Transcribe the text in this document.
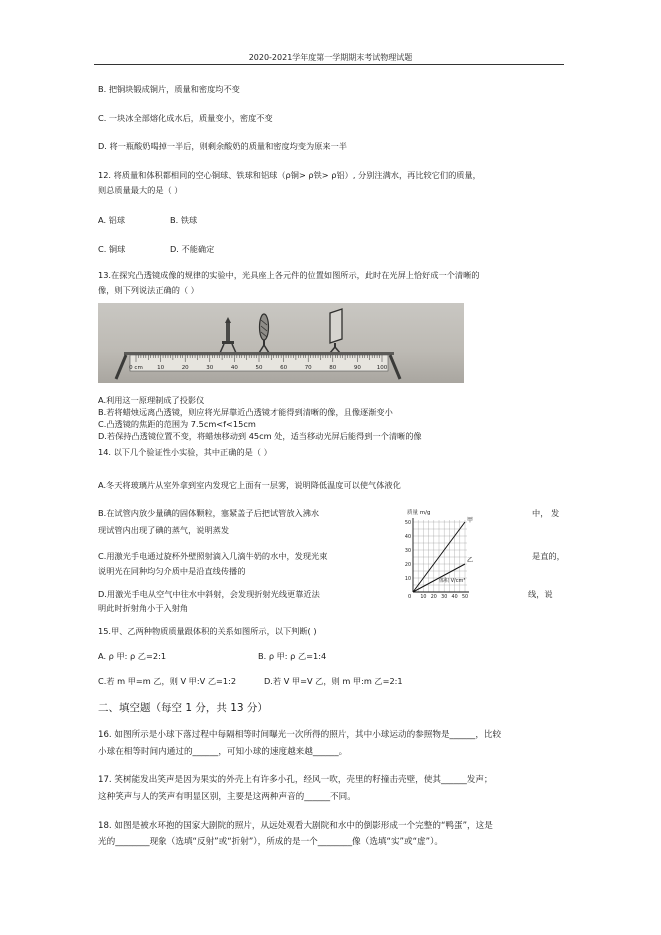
2020-2021学年度第一学期期末考试物理试题
B. 把铜块锻成铜片，质量和密度均不变
C. 一块冰全部熔化成水后，质量变小，密度不变
D. 将一瓶酸奶喝掉一半后，则剩余酸奶的质量和密度均变为原来一半
12. 将质量和体积都相同的空心铜球、铁球和铝球（ρ铜> ρ铁> ρ铝）, 分别注满水，再比较它们的质量，
则总质量最大的是（ ）
A. 铝球	B. 铁球
C. 铜球	D. 不能确定
13.在探究凸透镜成像的规律的实验中，光具座上各元件的位置如图所示，此时在光屏上恰好成一个清晰的
像，则下列说法正确的（ ）
0 cm	10	20	30	40	50	60	70	80	90	100
A.利用这一原理制成了投影仪
B.若将蜡烛远离凸透镜，则应将光屏靠近凸透镜才能得到清晰的像，且像逐渐变小
C.凸透镜的焦距的范围为 7.5cm<f<15cm
D.若保持凸透镜位置不变，将蜡烛移动到 45cm 处，适当移动光屏后能得到一个清晰的像
14. 以下几个验证性小实验，其中正确的是（ ）
A.冬天将玻璃片从室外拿到室内发现它上面有一层雾，说明降低温度可以使气体液化
B.在试管内放少量碘的固体颗粒，塞紧盖子后把试管放入沸水	中， 发
现试管内出现了碘的蒸气，说明蒸发
C.用激光手电通过旋杯外壁照射滴入几滴牛奶的水中，发现光束	是直的，
说明光在同种均匀介质中是沿直线传播的
D.用激光手电从空气中往水中斜射，会发现折射光线更靠近法	线，说
明此时折射角小于入射角
质量 m/g
50
40
30
20
10
10 20 30 40 50
0
甲
乙
体积 V/cm³
15.甲、乙两种物质质量跟体积的关系如图所示，以下判断( )
A. ρ 甲: ρ 乙=2:1	B. ρ 甲: ρ 乙=1:4
C.若 m 甲=m 乙，则 V 甲:V 乙=1:2	D.若 V 甲=V 乙，则 m 甲:m 乙=2:1
二、填空题（每空 1 分，共 13 分）
16. 如图所示是小球下落过程中每隔相等时间曝光一次所得的照片，其中小球运动的参照物是______，比较
小球在相等时间内通过的______，可知小球的速度越来越______。
17. 笑树能发出笑声是因为果实的外壳上有许多小孔，经风一吹，壳里的籽撞击壳壁，使其______发声；
这种笑声与人的笑声有明显区别，主要是这两种声音的______不同。
18. 如图是被水环抱的国家大剧院的照片，从远处观看大剧院和水中的倒影形成一个完整的“鸭蛋”，这是
光的________现象（选填“反射”或“折射”），所成的是一个________像（选填“实”或“虚”）。
